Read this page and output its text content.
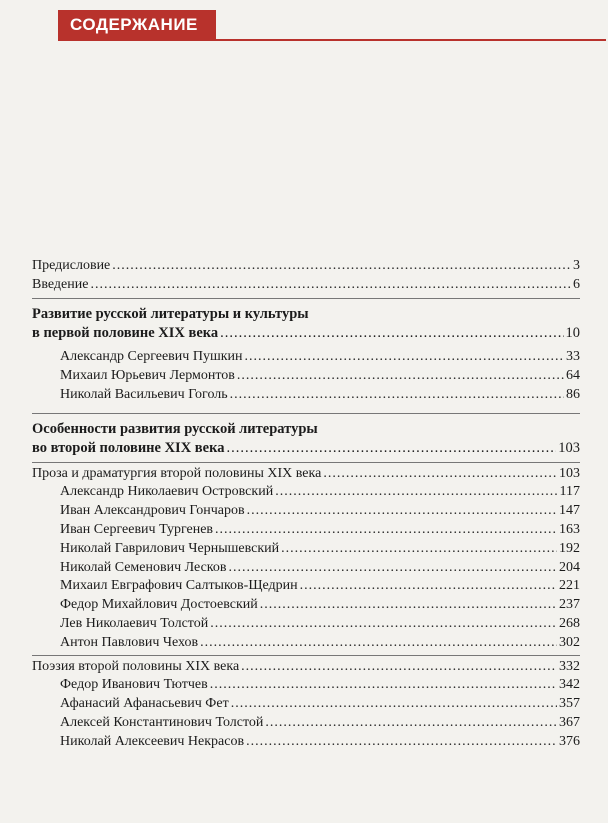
СОДЕРЖАНИЕ
Предисловие .....	3
Введение .....	6
Развитие русской литературы и культуры
в первой половине XIX века .....	10
Александр Сергеевич Пушкин .....	33
Михаил Юрьевич Лермонтов .....	64
Николай Васильевич Гоголь .....	86
Особенности развития русской литературы
во второй половине XIX века .....	103
Проза и драматургия второй половины XIX века .....	103
Александр Николаевич Островский .....	117
Иван Александрович Гончаров .....	147
Иван Сергеевич Тургенев .....	163
Николай Гаврилович Чернышевский .....	192
Николай Семенович Лесков .....	204
Михаил Евграфович Салтыков-Щедрин .....	221
Федор Михайлович Достоевский .....	237
Лев Николаевич Толстой .....	268
Антон Павлович Чехов .....	302
Поэзия второй половины XIX века .....	332
Федор Иванович Тютчев .....	342
Афанасий Афанасьевич Фет .....	357
Алексей Константинович Толстой .....	367
Николай Алексеевич Некрасов .....	376
